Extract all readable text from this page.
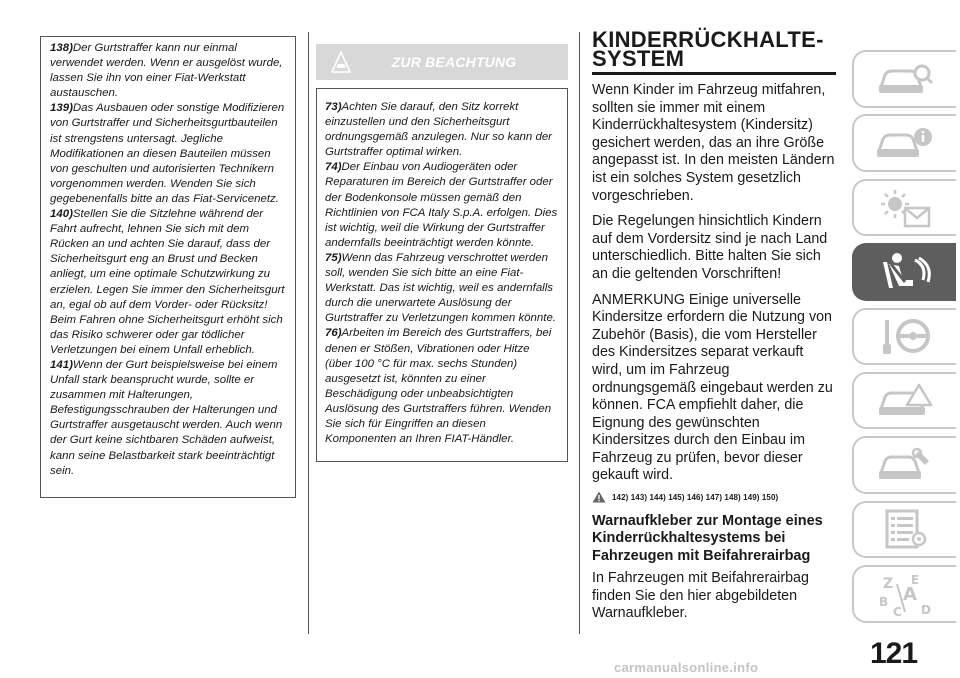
138)Der Gurtstraffer kann nur einmal verwendet werden. Wenn er ausgelöst wurde, lassen Sie ihn von einer Fiat-Werkstatt austauschen.

139)Das Ausbauen oder sonstige Modifizieren von Gurtstraffer und Sicherheitsgurtbauteilen ist strengstens untersagt. Jegliche Modifikationen an diesen Bauteilen müssen von geschulten und autorisierten Technikern vorgenommen werden. Wenden Sie sich gegebenenfalls bitte an das Fiat-Servicenetz.

140)Stellen Sie die Sitzlehne während der Fahrt aufrecht, lehnen Sie sich mit dem Rücken an und achten Sie darauf, dass der Sicherheitsgurt eng an Brust und Becken anliegt, um eine optimale Schutzwirkung zu erzielen. Legen Sie immer den Sicherheitsgurt an, egal ob auf dem Vorder- oder Rücksitz! Beim Fahren ohne Sicherheitsgurt erhöht sich das Risiko schwerer oder gar tödlicher Verletzungen bei einem Unfall erheblich.

141)Wenn der Gurt beispielsweise bei einem Unfall stark beansprucht wurde, sollte er zusammen mit Halterungen, Befestigungsschrauben der Halterungen und Gurtstraffer ausgetauscht werden. Auch wenn der Gurt keine sichtbaren Schäden aufweist, kann seine Belastbarkeit stark beeinträchtigt sein.

ZUR BEACHTUNG

73)Achten Sie darauf, den Sitz korrekt einzustellen und den Sicherheitsgurt ordnungsgemäß anzulegen. Nur so kann der Gurtstraffer optimal wirken.

74)Der Einbau von Audiogeräten oder Reparaturen im Bereich der Gurtstraffer oder der Bodenkonsole müssen gemäß den Richtlinien von FCA Italy S.p.A. erfolgen. Dies ist wichtig, weil die Wirkung der Gurtstraffer andernfalls beeinträchtigt werden könnte.

75)Wenn das Fahrzeug verschrottet werden soll, wenden Sie sich bitte an eine Fiat-Werkstatt. Das ist wichtig, weil es andernfalls durch die unerwartete Auslösung der Gurtstraffer zu Verletzungen kommen könnte.

76)Arbeiten im Bereich des Gurtstraffers, bei denen er Stößen, Vibrationen oder Hitze (über 100 °C für max. sechs Stunden) ausgesetzt ist, könnten zu einer Beschädigung oder unbeabsichtigten Auslösung des Gurtstraffers führen. Wenden Sie sich für Eingriffen an diesen Komponenten an Ihren FIAT-Händler.

KINDERRÜCKHALTE-
SYSTEM

Wenn Kinder im Fahrzeug mitfahren, sollten sie immer mit einem Kinderrückhaltesystem (Kindersitz) gesichert werden, das an ihre Größe angepasst ist. In den meisten Ländern ist ein solches System gesetzlich vorgeschrieben.

Die Regelungen hinsichtlich Kindern auf dem Vordersitz sind je nach Land unterschiedlich. Bitte halten Sie sich an die geltenden Vorschriften!

ANMERKUNG Einige universelle Kindersitze erfordern die Nutzung von Zubehör (Basis), die vom Hersteller des Kindersitzes separat verkauft wird, um im Fahrzeug ordnungsgemäß eingebaut werden zu können. FCA empfiehlt daher, die Eignung des gewünschten Kindersitzes durch den Einbau im Fahrzeug zu prüfen, bevor dieser gekauft wird.

142) 143) 144) 145) 146) 147) 148) 149) 150)
Warnaufkleber zur Montage eines Kinderrückhaltesystems bei Fahrzeugen mit Beifahrerairbag

In Fahrzeugen mit Beifahrerairbag finden Sie den hier abgebildeten Warnaufkleber.

Z E
A
B
C D
121
carmanualsonline.info
